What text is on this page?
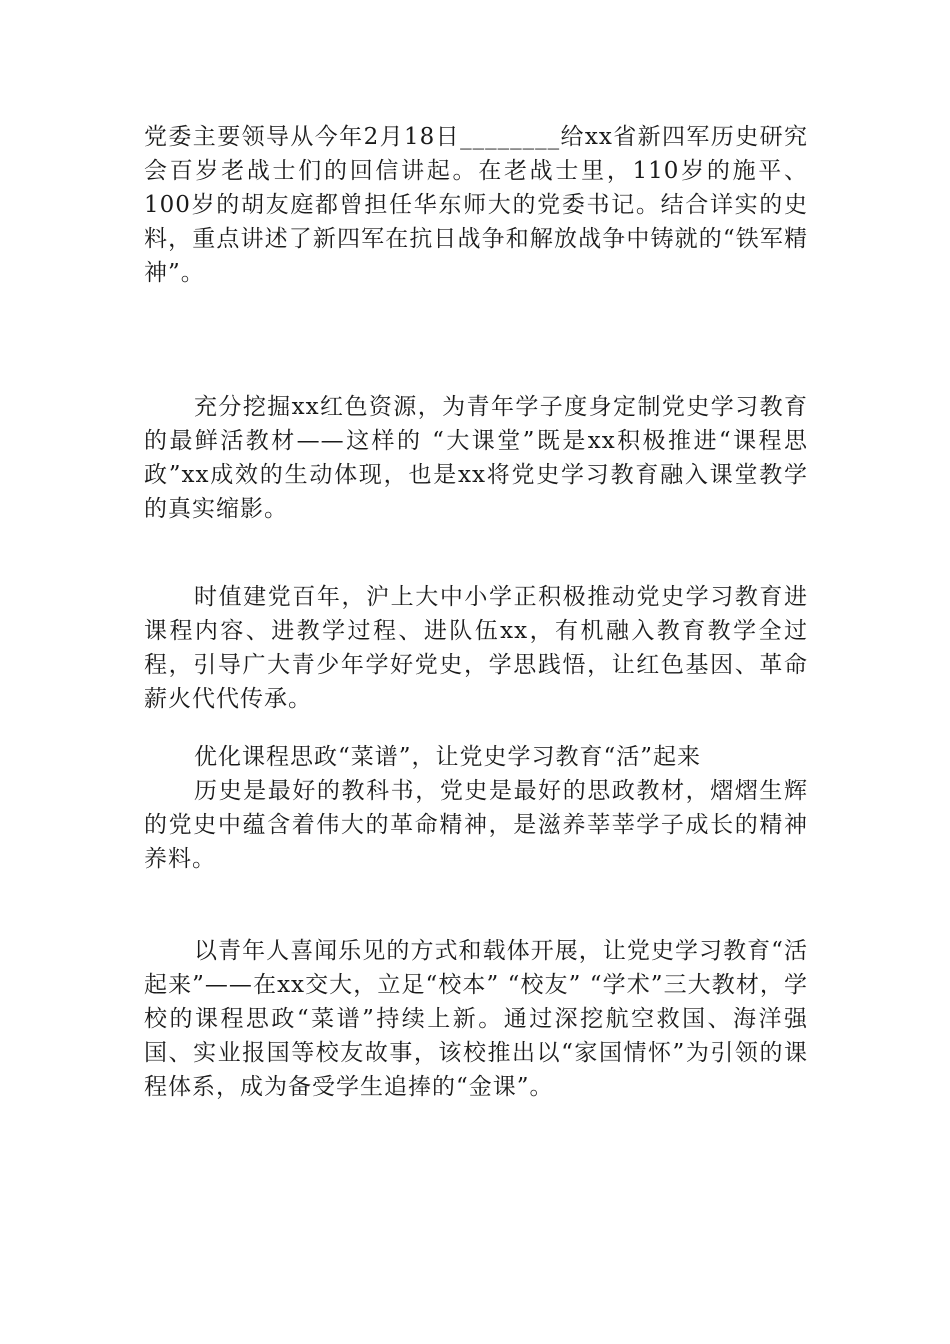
党委主要领导从今年2月18日________给xx省新四军历史研究会百岁老战士们的回信讲起。在老战士里，110岁的施平、100岁的胡友庭都曾担任华东师大的党委书记。结合详实的史料，重点讲述了新四军在抗日战争和解放战争中铸就的“铁军精神”。

充分挖掘xx红色资源，为青年学子度身定制党史学习教育的最鲜活教材——这样的 “大课堂”既是xx积极推进“课程思政”xx成效的生动体现，也是xx将党史学习教育融入课堂教学的真实缩影。

时值建党百年，沪上大中小学正积极推动党史学习教育进课程内容、进教学过程、进队伍xx，有机融入教育教学全过程，引导广大青少年学好党史，学思践悟，让红色基因、革命薪火代代传承。

优化课程思政“菜谱”，让党史学习教育“活”起来

历史是最好的教科书，党史是最好的思政教材，熠熠生辉的党史中蕴含着伟大的革命精神，是滋养莘莘学子成长的精神养料。

以青年人喜闻乐见的方式和载体开展，让党史学习教育“活起来”——在xx交大，立足“校本” “校友” “学术”三大教材，学校的课程思政“菜谱”持续上新。通过深挖航空救国、海洋强国、实业报国等校友故事，该校推出以“家国情怀”为引领的课程体系，成为备受学生追捧的“金课”。
